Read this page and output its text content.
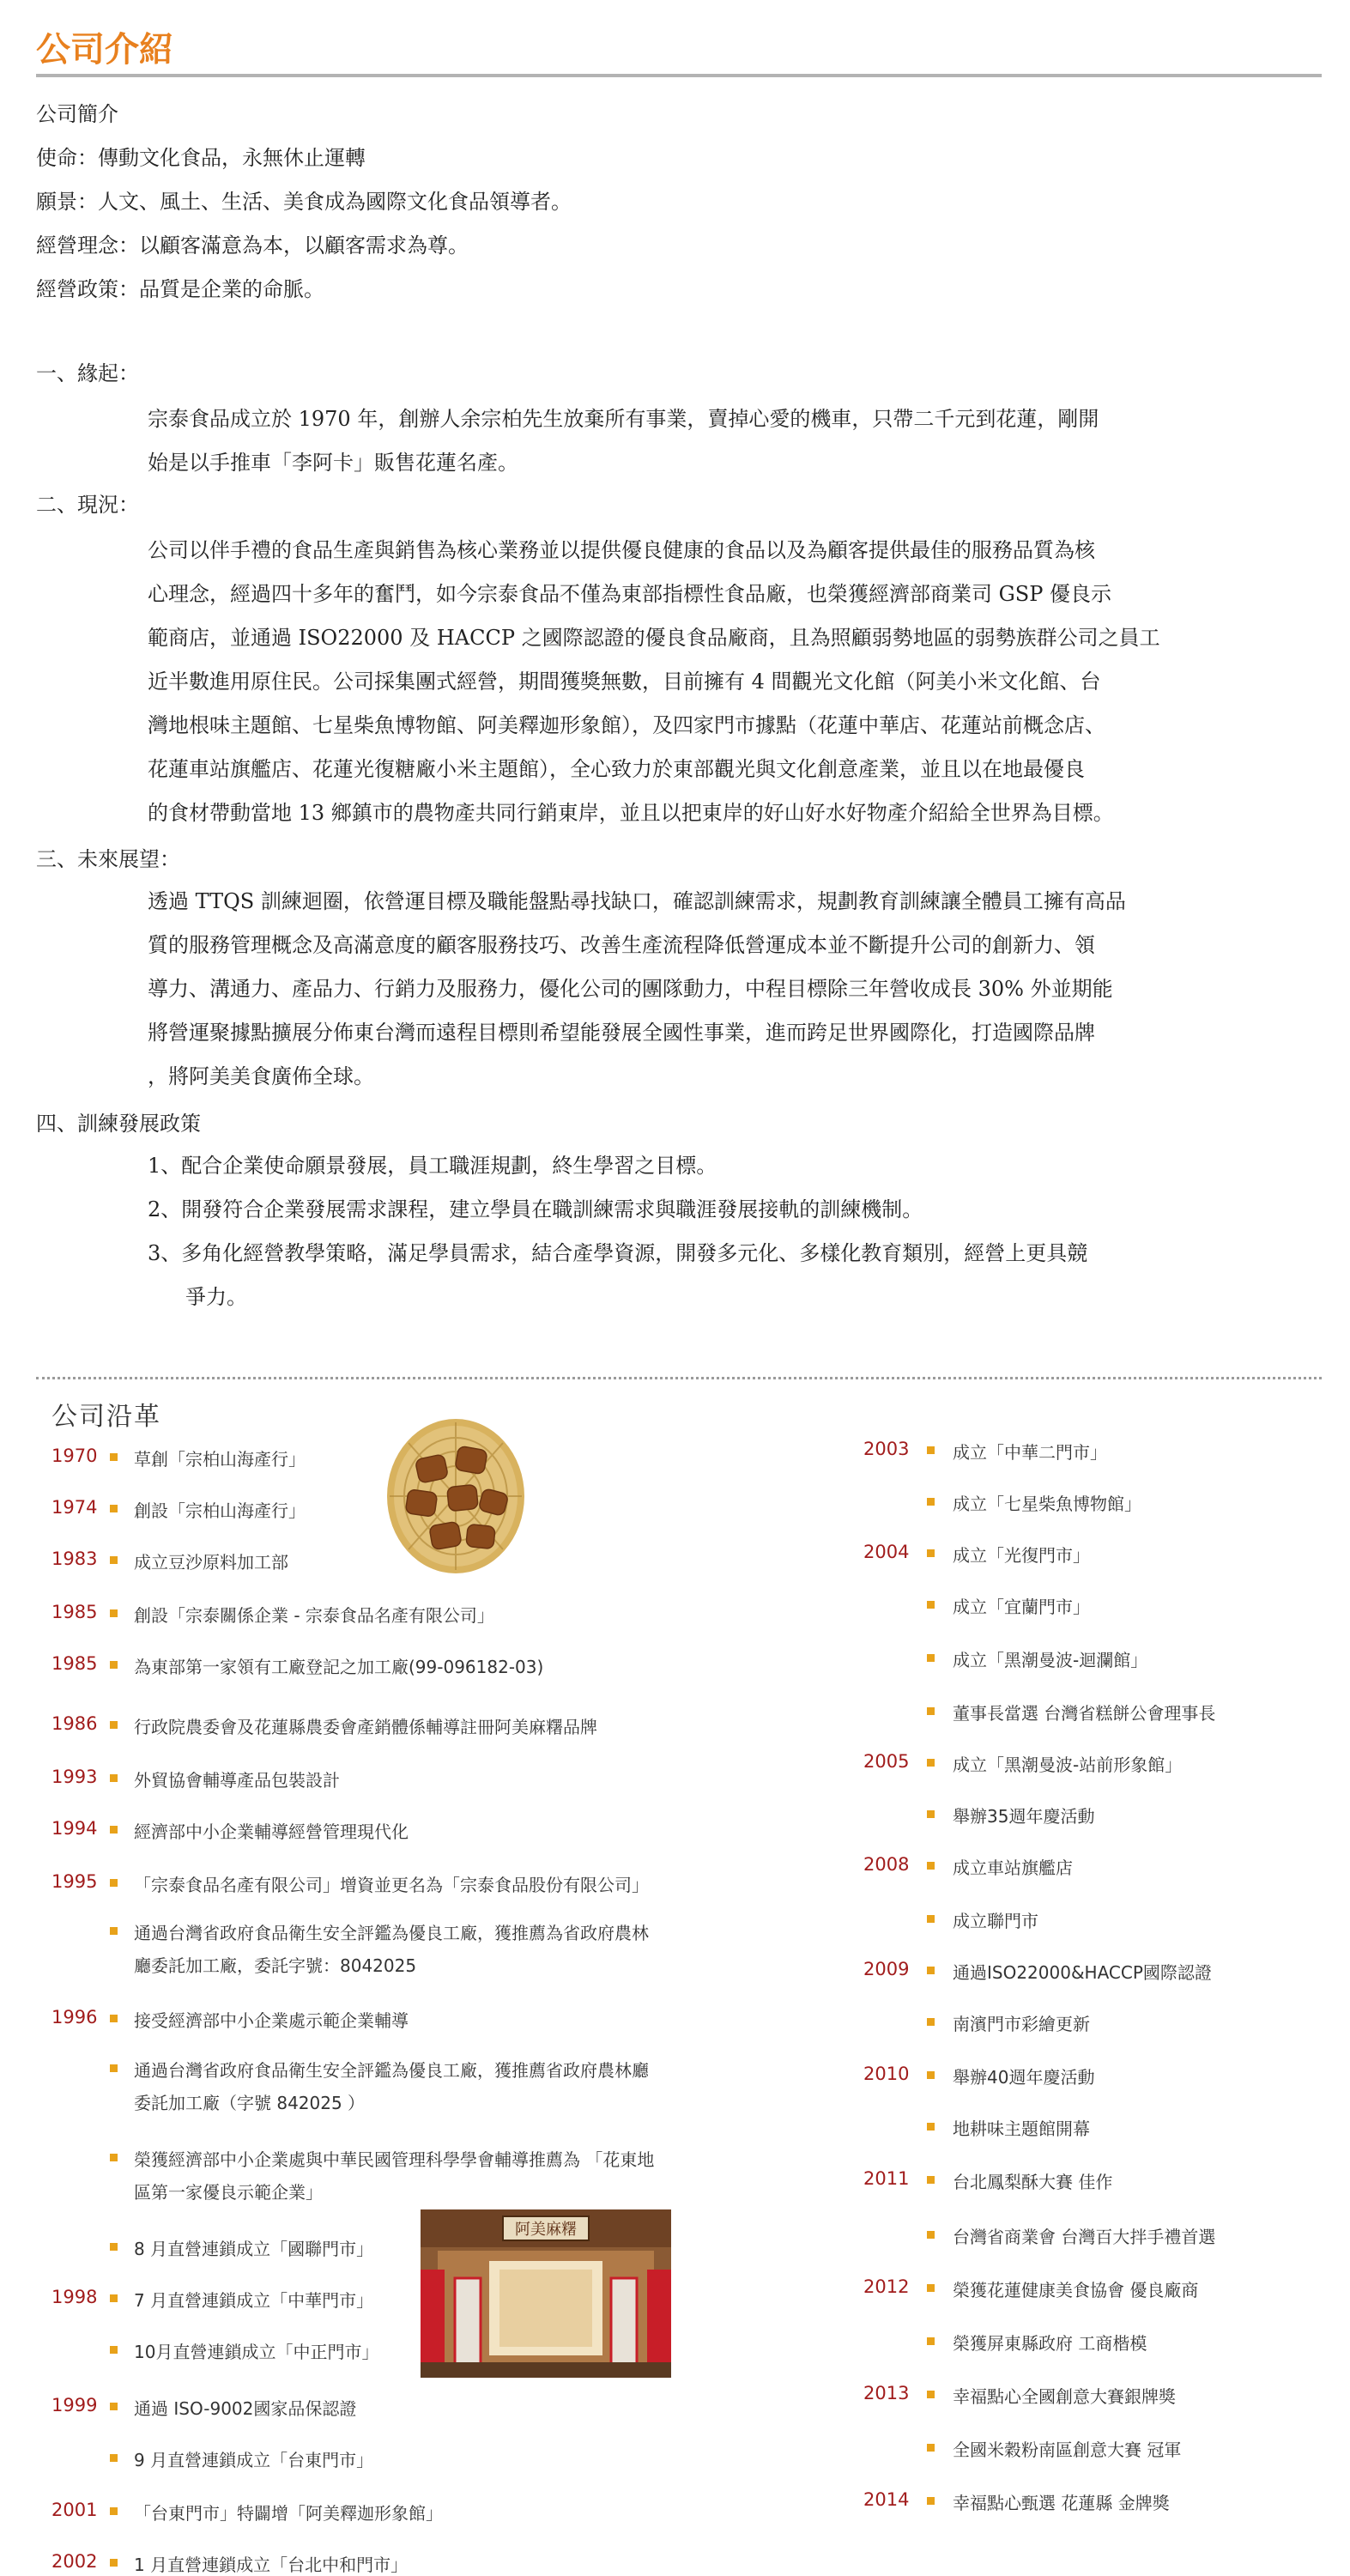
公司介紹
公司簡介
使命：傳動文化食品，永無休止運轉
願景：人文、風土、生活、美食成為國際文化食品領導者。
經營理念：以顧客滿意為本，以顧客需求為尊。
經營政策：品質是企業的命脈。
一、緣起：
宗泰食品成立於 1970 年，創辦人余宗柏先生放棄所有事業，賣掉心愛的機車，只帶二千元到花蓮，剛開
始是以手推車「李阿卡」販售花蓮名產。
二、現況：
公司以伴手禮的食品生產與銷售為核心業務並以提供優良健康的食品以及為顧客提供最佳的服務品質為核
心理念，經過四十多年的奮鬥，如今宗泰食品不僅為東部指標性食品廠，也榮獲經濟部商業司 GSP 優良示
範商店，並通過 ISO22000 及 HACCP 之國際認證的優良食品廠商，且為照顧弱勢地區的弱勢族群公司之員工
近半數進用原住民。公司採集團式經營，期間獲獎無數，目前擁有 4 間觀光文化館（阿美小米文化館、台
灣地根味主題館、七星柴魚博物館、阿美釋迦形象館），及四家門市據點（花蓮中華店、花蓮站前概念店、
花蓮車站旗艦店、花蓮光復糖廠小米主題館），全心致力於東部觀光與文化創意產業，並且以在地最優良
的食材帶動當地 13 鄉鎮市的農物產共同行銷東岸，並且以把東岸的好山好水好物產介紹給全世界為目標。
三、未來展望：
透過 TTQS 訓練迴圈，依營運目標及職能盤點尋找缺口，確認訓練需求，規劃教育訓練讓全體員工擁有高品
質的服務管理概念及高滿意度的顧客服務技巧、改善生產流程降低營運成本並不斷提升公司的創新力、領
導力、溝通力、產品力、行銷力及服務力，優化公司的團隊動力，中程目標除三年營收成長 30% 外並期能
將營運聚據點擴展分佈東台灣而遠程目標則希望能發展全國性事業，進而跨足世界國際化，打造國際品牌
，將阿美美食廣佈全球。
四、訓練發展政策
1、配合企業使命願景發展，員工職涯規劃，終生學習之目標。
2、開發符合企業發展需求課程，建立學員在職訓練需求與職涯發展接軌的訓練機制。
3、多角化經營教學策略，滿足學員需求，結合產學資源，開發多元化、多樣化教育類別，經營上更具競
爭力。
公司沿革
1970 草創「宗柏山海產行」
1974 創設「宗柏山海產行」
1983 成立豆沙原料加工部
1985 創設「宗泰關係企業 - 宗泰食品名產有限公司」
1985 為東部第一家領有工廠登記之加工廠(99-096182-03)
1986 行政院農委會及花蓮縣農委會產銷體係輔導註冊阿美麻糬品牌
1993 外貿協會輔導產品包裝設計
1994 經濟部中小企業輔導經營管理現代化
1995 「宗泰食品名產有限公司」增資並更名為「宗泰食品股份有限公司」
通過台灣省政府食品衛生安全評鑑為優良工廠，獲推薦為省政府農林
廳委託加工廠，委託字號：8042025
1996 接受經濟部中小企業處示範企業輔導
通過台灣省政府食品衛生安全評鑑為優良工廠，獲推薦省政府農林廳
委託加工廠（字號 842025 ）
榮獲經濟部中小企業處與中華民國管理科學學會輔導推薦為 「花東地
區第一家優良示範企業」
8 月直營連鎖成立「國聯門市」
1998 7 月直營連鎖成立「中華門市」
10月直營連鎖成立「中正門市」
1999 通過 ISO-9002國家品保認證
9 月直營連鎖成立「台東門市」
2001 「台東門市」特闢增「阿美釋迦形象館」
2002 1 月直營連鎖成立「台北中和門市」
2003	成立「中華二門市」
成立「七星柴魚博物館」
2004	成立「光復門市」
成立「宜蘭門市」
成立「黑潮曼波-迴瀾館」
董事長當選 台灣省糕餅公會理事長
2005	成立「黑潮曼波-站前形象館」
舉辦35週年慶活動
2008	成立車站旗艦店
成立聯門市
2009	通過ISO22000&HACCP國際認證
南濱門市彩繪更新
2010	舉辦40週年慶活動
地耕味主題館開幕
2011	台北鳳梨酥大賽 佳作
台灣省商業會 台灣百大拌手禮首選
2012	榮獲花蓮健康美食協會 優良廠商
榮獲屏東縣政府 工商楷模
2013	幸福點心全國創意大賽銀牌獎
全國米穀粉南區創意大賽 冠軍
2014	幸福點心甄選 花蓮縣 金牌獎
阿美麻糬
